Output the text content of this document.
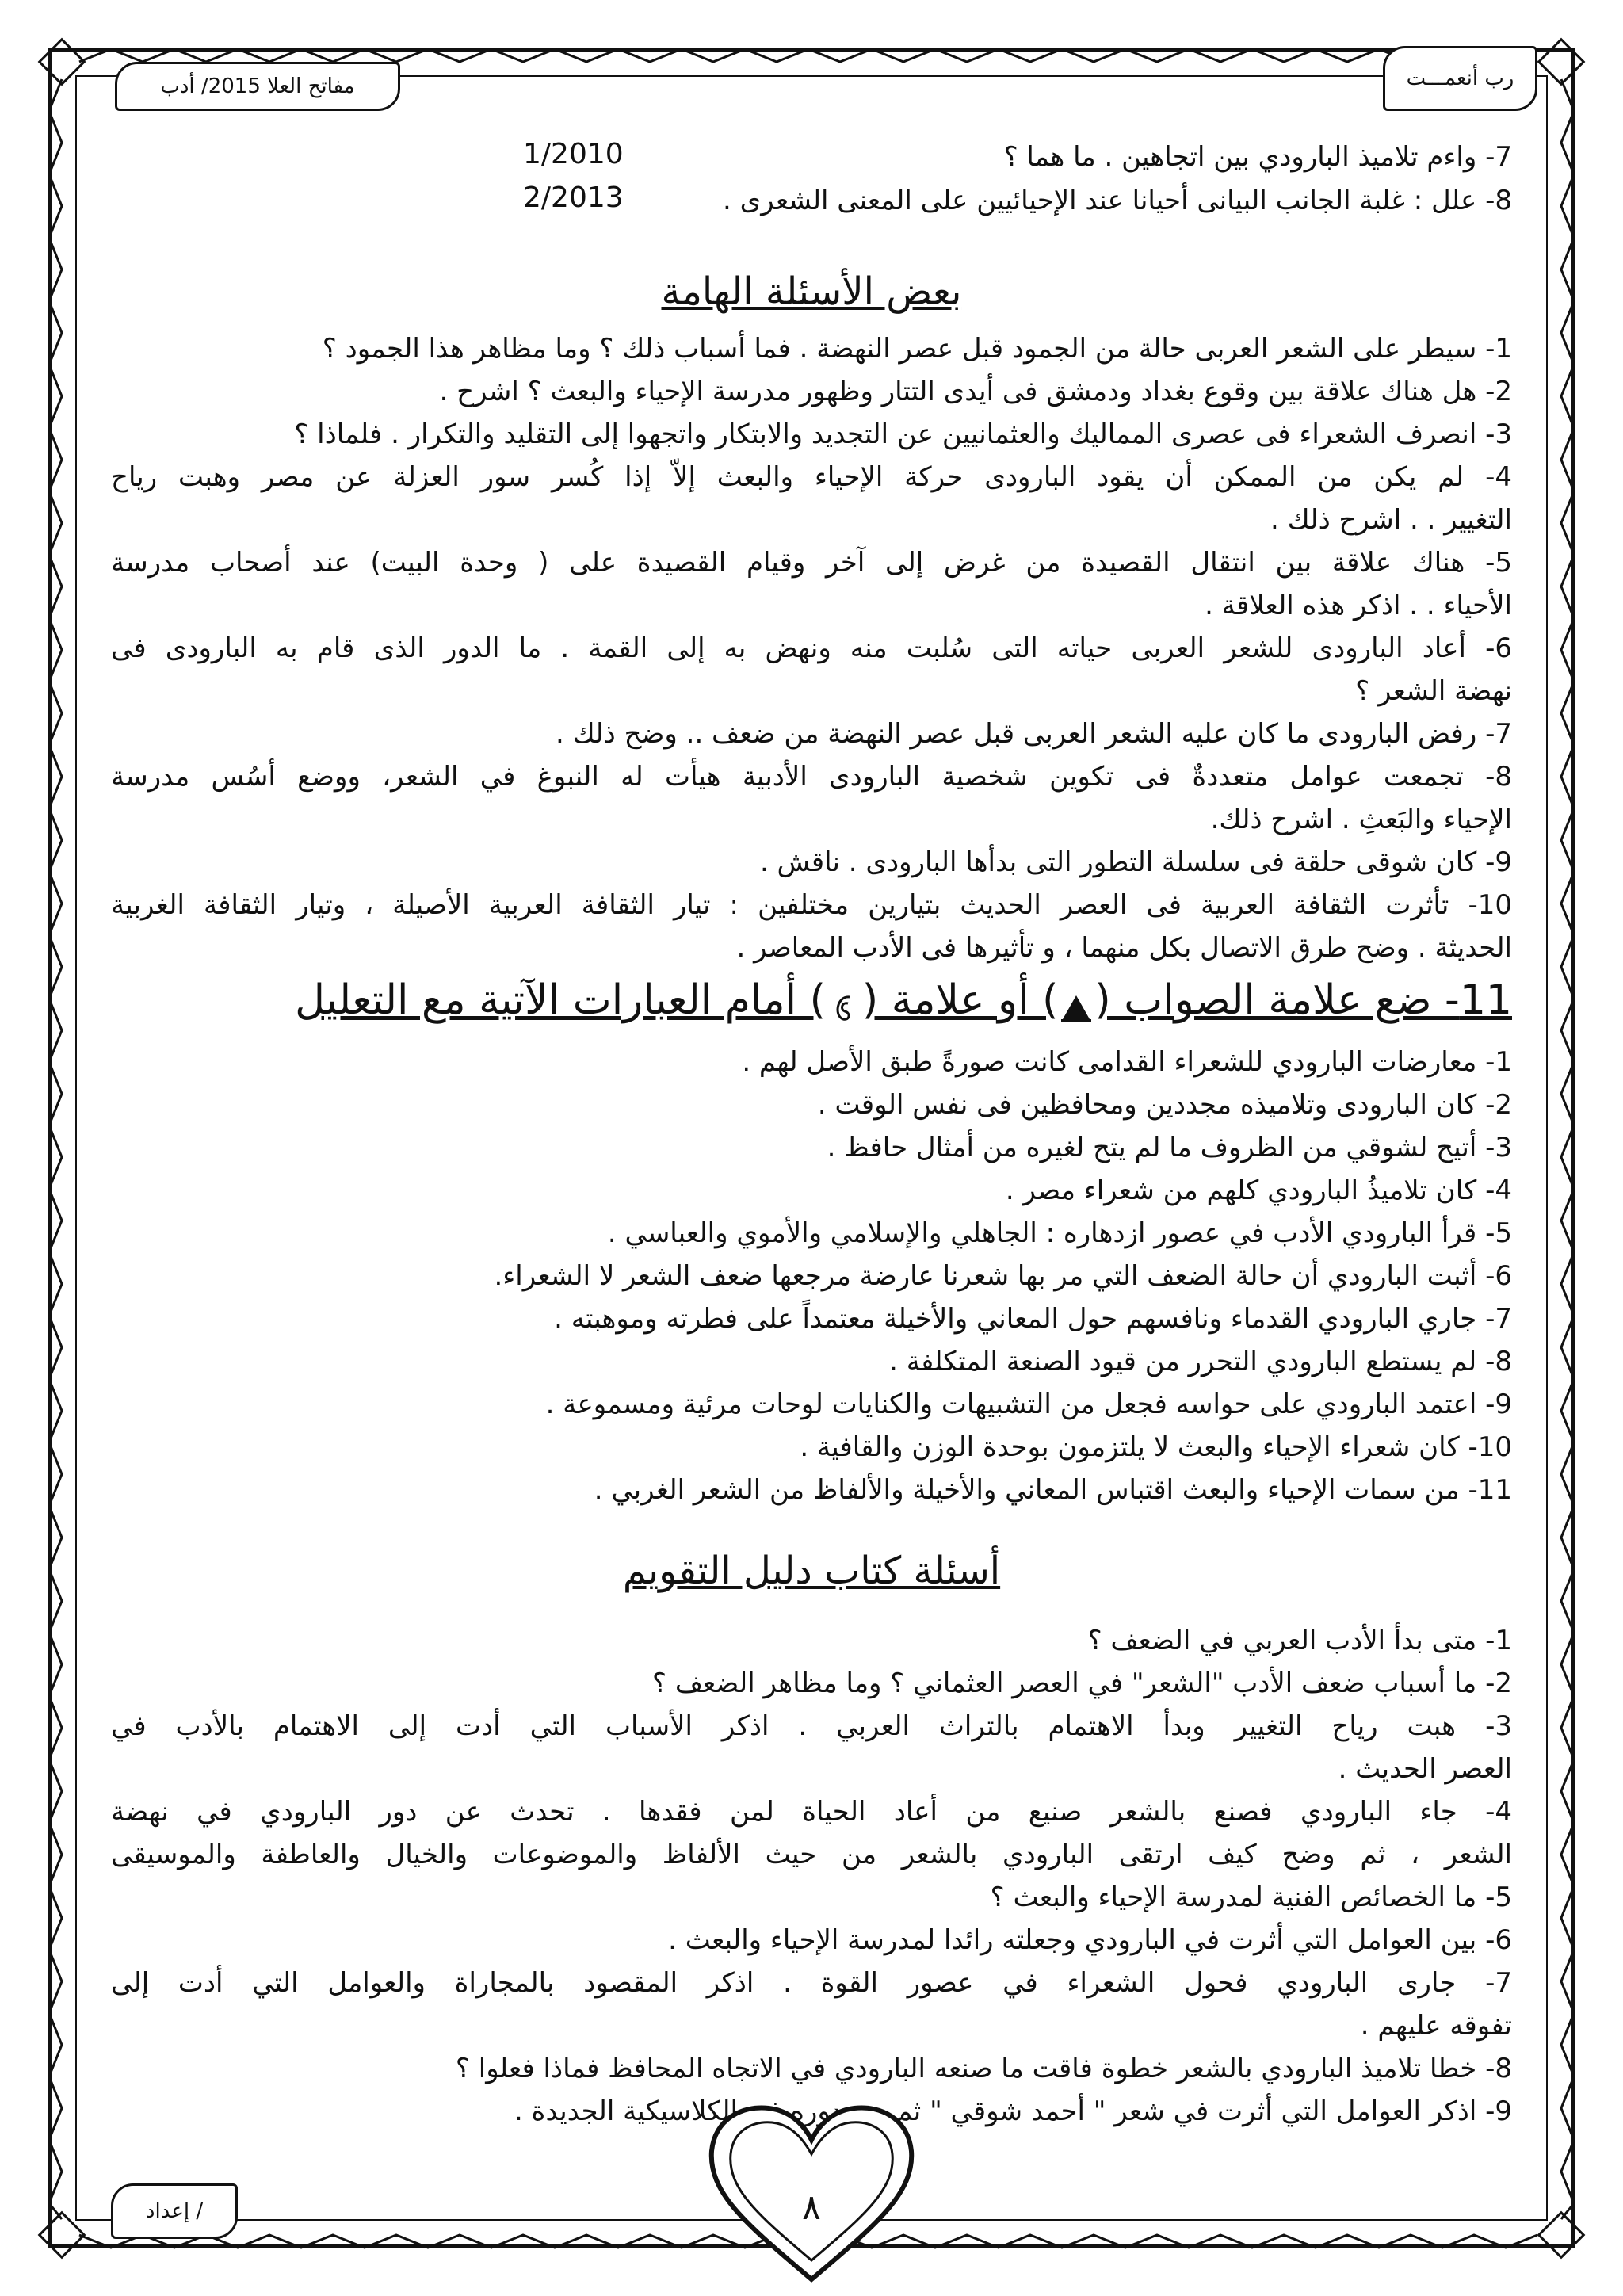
رب أنعمـــت
مفاتح العلا 2015/ أدب
7- واءم تلاميذ البارودي بين اتجاهين . ما هما ؟
1/2010
8- علل : غلبة الجانب البيانى أحيانا عند الإحيائيين على المعنى الشعرى .
2/2013
بعض الأسئلة الهامة
1- سيطر على الشعر العربى حالة من الجمود قبل عصر النهضة . فما أسباب ذلك ؟ وما مظاهر هذا الجمود ؟
2- هل هناك علاقة بين وقوع بغداد ودمشق فى أيدى التتار وظهور مدرسة الإحياء والبعث ؟ اشرح .
3- انصرف الشعراء فى عصرى المماليك والعثمانيين عن التجديد والابتكار واتجهوا إلى التقليد والتكرار . فلماذا ؟
4- لم يكن من الممكن أن يقود البارودى حركة الإحياء والبعث إلاّ إذا كُسر سور العزلة عن مصر وهبت رياح
التغيير . . اشرح ذلك .
5- هناك علاقة بين انتقال القصيدة من غرض إلى آخر وقيام القصيدة على ( وحدة البيت) عند أصحاب مدرسة
الأحياء . . اذكر هذه العلاقة .
6- أعاد البارودى للشعر العربى حياته التى سُلبت منه ونهض به إلى القمة . ما الدور الذى قام به البارودى فى
نهضة الشعر ؟
7- رفض البارودى ما كان عليه الشعر العربى قبل عصر النهضة من ضعف .. وضح ذلك .
8- تجمعت عوامل متعددةٌ فى تكوين شخصية البارودى الأدبية هيأت له النبوغ في الشعر، ووضع أسُس مدرسة
الإحياء والبَعثِ . اشرح ذلك.
9- كان شوقى حلقة فى سلسلة التطور التى بدأها البارودى . ناقش .
10- تأثرت الثقافة العربية فى العصر الحديث بتيارين مختلفين : تيار الثقافة العربية الأصيلة ، وتيار الثقافة الغربية
الحديثة . وضح طرق الاتصال بكل منهما ، و تأثيرها فى الأدب المعاصر .
11- ضع علامة الصواب () أو علامة () أمام العبارات الآتية مع التعليل
1- معارضات البارودي للشعراء القدامى كانت صورةً طبق الأصل لهم .
2- كان البارودى وتلاميذه مجددين ومحافظين فى نفس الوقت .
3- أتيح لشوقي من الظروف ما لم يتح لغيره من أمثال حافظ .
4- كان تلاميذُ البارودي كلهم من شعراء مصر .
5- قرأ البارودي الأدب في عصور ازدهاره : الجاهلي والإسلامي والأموي والعباسي .
6- أثبت البارودي أن حالة الضعف التي مر بها شعرنا عارضة مرجعها ضعف الشعر لا الشعراء.
7- جاري البارودي القدماء ونافسهم حول المعاني والأخيلة معتمداً على فطرته وموهبته .
8- لم يستطع البارودي التحرر من قيود الصنعة المتكلفة .
9- اعتمد البارودي على حواسه فجعل من التشبيهات والكنايات لوحات مرئية ومسموعة .
10- كان شعراء الإحياء والبعث لا يلتزمون بوحدة الوزن والقافية .
11- من سمات الإحياء والبعث اقتباس المعاني والأخيلة والألفاظ من الشعر الغربي .
أسئلة كتاب دليل التقويم
1- متى بدأ الأدب العربي في الضعف ؟
2- ما أسباب ضعف الأدب "الشعر" في العصر العثماني ؟ وما مظاهر الضعف ؟
3- هبت رياح التغيير وبدأ الاهتمام بالتراث العربي . اذكر الأسباب التي أدت إلى الاهتمام بالأدب في
العصر الحديث .
4- جاء البارودي فصنع بالشعر صنيع من أعاد الحياة لمن فقدها . تحدث عن دور البارودي في نهضة
الشعر ، ثم وضح كيف ارتقى البارودي بالشعر من حيث الألفاظ والموضوعات والخيال والعاطفة والموسيقى
5- ما الخصائص الفنية لمدرسة الإحياء والبعث ؟
6- بين العوامل التي أثرت في البارودي وجعلته رائدا لمدرسة الإحياء والبعث .
7- جارى البارودي فحول الشعراء في عصور القوة . اذكر المقصود بالمجاراة والعوامل التي أدت إلى
تفوقه عليهم .
8- خطا تلاميذ البارودي بالشعر خطوة فاقت ما صنعه البارودي في الاتجاه المحافظ فماذا فعلوا ؟
9- اذكر العوامل التي أثرت في شعر " أحمد شوقي " ثم بين دوره في الكلاسيكية الجديدة .
إعداد /	٨
